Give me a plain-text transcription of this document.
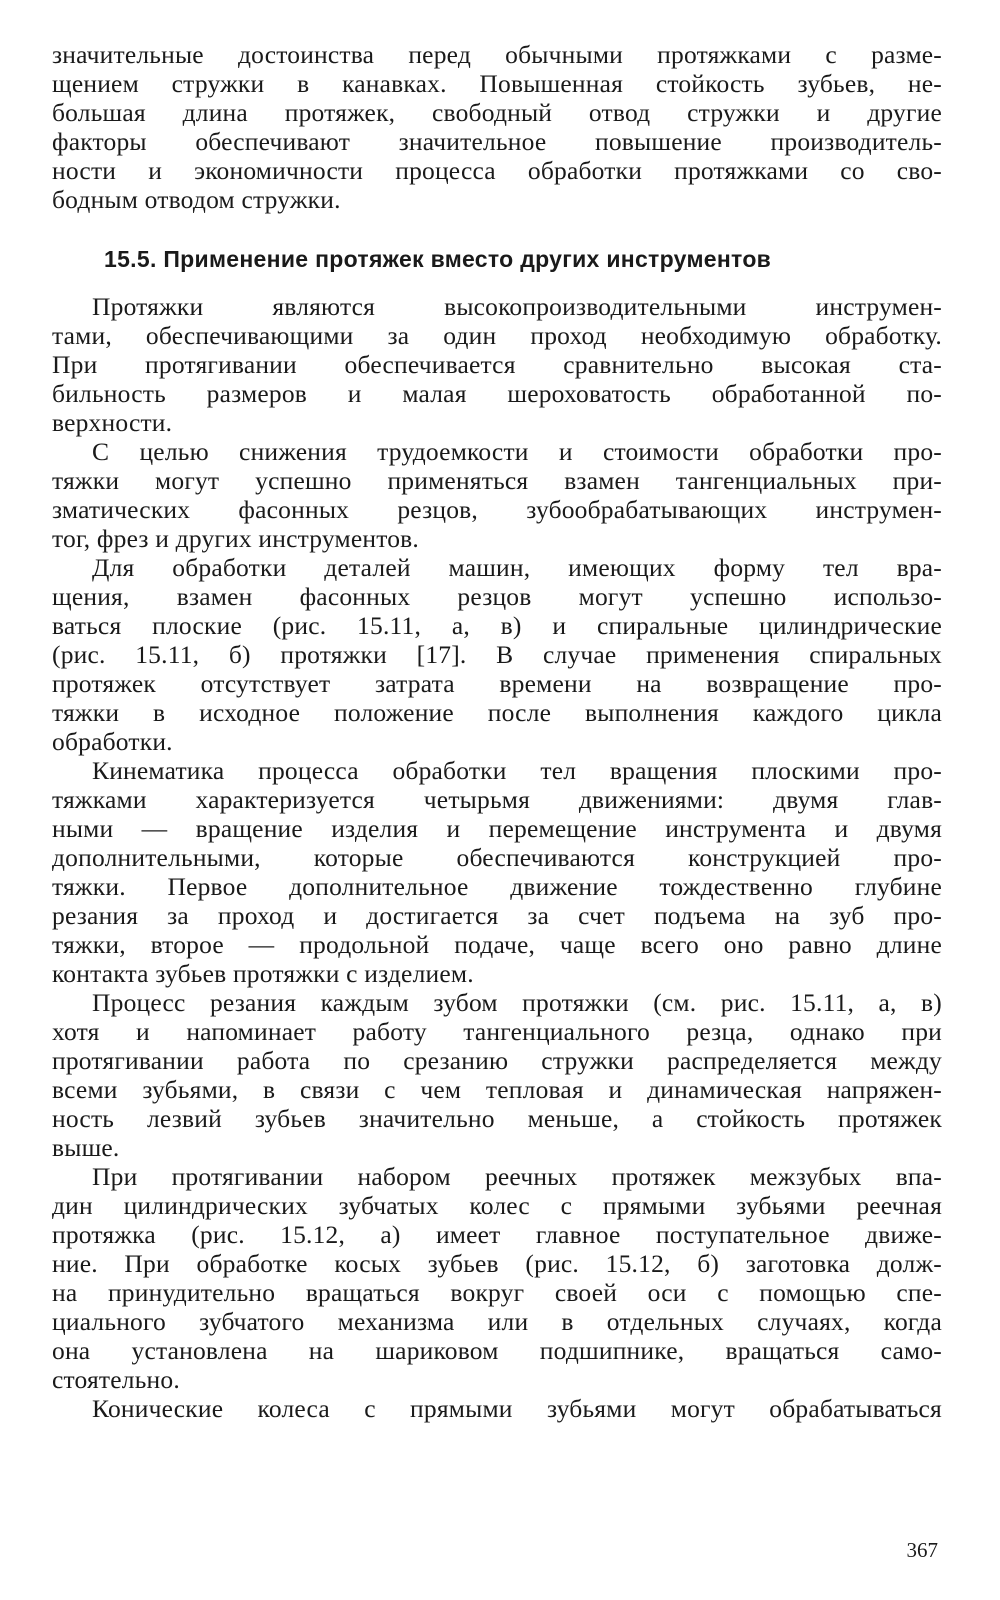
значительные достоинства перед обычными протяжками с разме-
щением стружки в канавках. Повышенная стойкость зубьев, не-
большая длина протяжек, свободный отвод стружки и другие
факторы обеспечивают значительное повышение производитель-
ности и экономичности процесса обработки протяжками со сво-
бодным отводом стружки.
15.5. Применение протяжек вместо других инструментов
Протяжки являются высокопроизводительными инструмен-
тами, обеспечивающими за один проход необходимую обработку.
При протягивании обеспечивается сравнительно высокая ста-
бильность размеров и малая шероховатость обработанной по-
верхности.
С целью снижения трудоемкости и стоимости обработки про-
тяжки могут успешно применяться взамен тангенциальных при-
зматических фасонных резцов, зубообрабатывающих инструмен-
тог, фрез и других инструментов.
Для обработки деталей машин, имеющих форму тел вра-
щения, взамен фасонных резцов могут успешно использо-
ваться плоские (рис. 15.11, а, в) и спиральные цилиндрические
(рис. 15.11, б) протяжки [17]. В случае применения спиральных
протяжек отсутствует затрата времени на возвращение про-
тяжки в исходное положение после выполнения каждого цикла
обработки.
Кинематика процесса обработки тел вращения плоскими про-
тяжками характеризуется четырьмя движениями: двумя глав-
ными — вращение изделия и перемещение инструмента и двумя
дополнительными, которые обеспечиваются конструкцией про-
тяжки. Первое дополнительное движение тождественно глубине
резания за проход и достигается за счет подъема на зуб про-
тяжки, второе — продольной подаче, чаще всего оно равно длине
контакта зубьев протяжки с изделием.
Процесс резания каждым зубом протяжки (см. рис. 15.11, а, в)
хотя и напоминает работу тангенциального резца, однако при
протягивании работа по срезанию стружки распределяется между
всеми зубьями, в связи с чем тепловая и динамическая напряжен-
ность лезвий зубьев значительно меньше, а стойкость протяжек
выше.
При протягивании набором реечных протяжек межзубых впа-
дин цилиндрических зубчатых колес с прямыми зубьями реечная
протяжка (рис. 15.12, а) имеет главное поступательное движе-
ние. При обработке косых зубьев (рис. 15.12, б) заготовка долж-
на принудительно вращаться вокруг своей оси с помощью спе-
циального зубчатого механизма или в отдельных случаях, когда
она установлена на шариковом подшипнике, вращаться само-
стоятельно.
Конические колеса с прямыми зубьями могут обрабатываться
367
